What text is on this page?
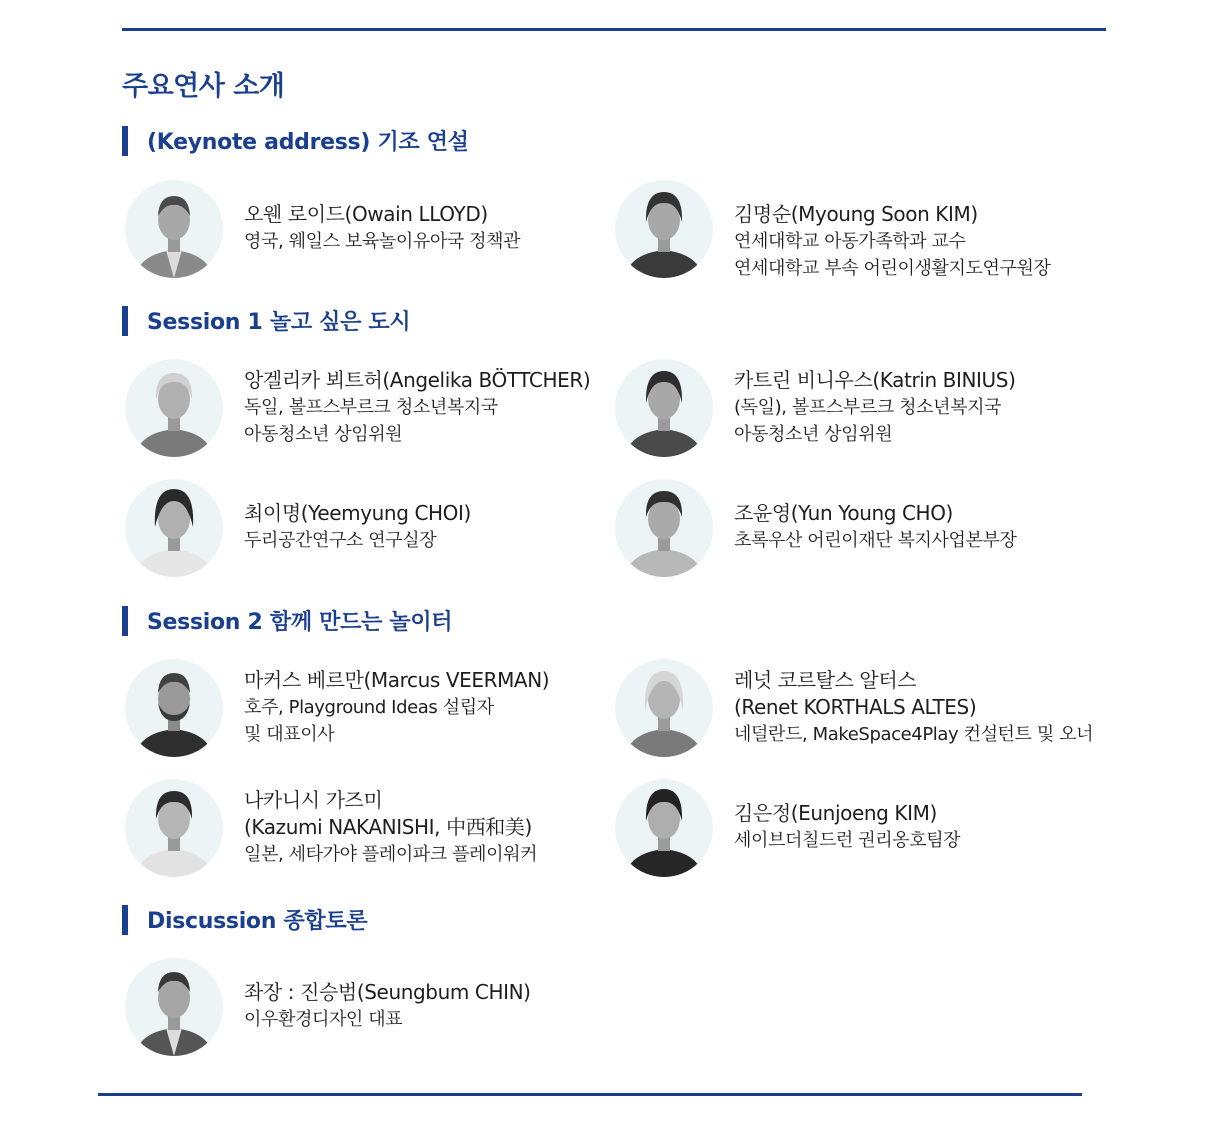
주요연사 소개
(Keynote address) 기조 연설
오웬 로이드(Owain LLOYD)
영국, 웨일스 보육놀이유아국 정책관
김명순(Myoung Soon KIM)
연세대학교 아동가족학과 교수
연세대학교 부속 어린이생활지도연구원장
Session 1 놀고 싶은 도시
앙겔리카 뵈트허(Angelika BÖTTCHER)
독일, 볼프스부르크 청소년복지국
아동청소년 상임위원
카트린 비니우스(Katrin BINIUS)
(독일), 볼프스부르크 청소년복지국
아동청소년 상임위원
최이명(Yeemyung CHOI)
두리공간연구소 연구실장
조윤영(Yun Young CHO)
초록우산 어린이재단 복지사업본부장
Session 2 함께 만드는 놀이터
마커스 베르만(Marcus VEERMAN)
호주, Playground Ideas 설립자
및 대표이사
레넛 코르탈스 알터스
(Renet KORTHALS ALTES)
네덜란드, MakeSpace4Play 컨설턴트 및 오너
나카니시 가즈미
(Kazumi NAKANISHI, 中西和美)
일본, 세타가야 플레이파크 플레이워커
김은정(Eunjoeng KIM)
세이브더칠드런 권리옹호팀장
Discussion 종합토론
좌장 : 진승범(Seungbum CHIN)
이우환경디자인 대표
